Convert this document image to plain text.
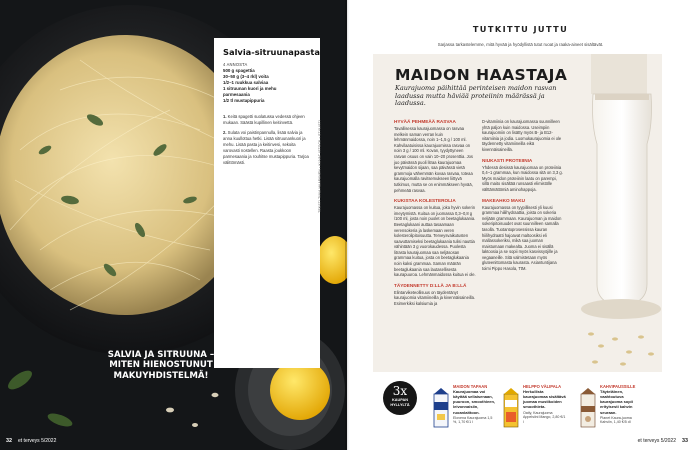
Salvia-sitruunapasta
4 ANNOSTA
500 g spagettia
30–50 g (3–4 rkl) voita
1/2–1 ruukkua salviaa
1 sitruunan kuori ja mehu
parmesaania
1/2 tl mustapippuria
1. Keitä spagetti suolatussa vedessä ohjeen mukaan. Säästä kupillinen keitinvettä.
2. Sulata voi paistinpannulla, lisää salvia ja anna kuullottua hetki. Lisää sitruunankuori ja mehu. Lisää pasta ja keitinvesi, sekoita varovasti nostellen. Raasta joukkoon parmesaania ja rouhitse mustapippuria. Tarjoa välittömästi.	TEKSTI TIINA HAAPANEN • KUVAT ISTOCK • STYLISTI
SALVIA JA SITRUUNA – MITEN HIENOSTUNUT MAKUYHDISTELMÄ!
32 et terveys 5/2022
TUTKITTU JUTTU
Sarjassa tarkastelemme, mitä hyvää ja hyödyllistä tutut ruoat ja raaka-aineet sisältävät.
MAIDON HAASTAJA
Kaurajuoma päihittää perinteisen maidon rasvan laadussa mutta häviää proteiinin määrässä ja laadussa.
HYVÄÄ PEHMEÄÄ RASVAA
Tavallisessa kaurajuomassa on rasvaa melkein saman verran kuin lehmänmaidossa, noin 1–1,5 g / 100 ml. Kahvilaatuisissa kaurajuomissa rasvaa on noin 3 g / 100 ml. Kovan, tyydyttyneen rasvan osuus on vain 10–20 prosenttia. Jos juo päivässä puoli litraa kaurajuomaa kevytmaidon sijaan, saa päivässä vietä grammoja vähemmän kovaa rasvaa, toteaa kaurajuomalla ravitsemukseen liittyvä tutkimus, mutta se on enimmäkseen hyvää, pehmeää rasvaa.
KUKISTAA KOLESTEROLIA
Kaurajuomassa on kuitua, joka hyvin sokerin imeytymistä. Kuitua on juomassa 0,3–0,8 g /100 ml, josta noin puolet on beetaglukaania. Beetaglukaani auttaa tasaamaan verensokeria ja laskemaan veren kolesterolipitoisuutta. Terveysvaikutusten saavuttamiseksi beetaglukaania tulisi nauttia vähintään 3 g vuorokaudessa. Puolesta litrasta kaurajuomaa saa neljäsosan grammaa kuitua, josta on beetaglukaania noin kaksi grammaa. Saman määrän beetaglukaania saa lautasellisesta kaurapuuroa. Lehmänmaidossa kuitua ei ole.
TÄYDENNETTY D:LLÄ JA B:LLÄ
Elintarviketeollisuus on täydentänyt kaurajuomia vitamiineilla ja kivennäisaineilla. Esimerkiksi kalsiumia ja
D-vitamiinia on kaurajuomassa suunnilleen yhtä paljon kuin maidossa. Useimpiin kaurajuomiin on lisätty myös B- ja B12-vitamiinia ja jodia. Luomukaurajuomia ei ole täydennetty vitamiineilla eikä kivennäisaineilla.
NIUKASTI PROTEIINIA
Yhdessä desissä kaurajuomaa on proteiinia 0,4–1 grammaa, kun maidossa sitä on 3,3 g. Myös maidon proteiinin laatu on parempi, sillä maito sisältää runsaasti elimistölle välttämättömiä aminohappoja.
MAKEAHKO MAKU
Kaurajuomassa on tyypillisesti yli kuusi grammaa hiilihydraattia, joista on sokeria neljään grammaan. Kaurajuoman ja maidon sokeripitoisuudet ovat suunnilleen samalla tasolla. Tuotantoprosessissa kauran hiilihydraatti hajoavat maltoosiksi eli mallassokeriksi, mikä saa juoman maistumaan makealta. Juoma ei sisällä laktoosia ja se sopii myös kasvissyöjille ja vegaaneille. Sitä valmistetaan myös gluteenittomasta kaurasta. Asiantuntijana toimi Pippo Hasola, TtM.
3x
KAUPAN
HYLLYLTÄ
MAIDON TAPAAN
Kaurajuomaa voi käyttää sellaisenaan, puuroon, smoothieen, leivonnaisiin, ruoanlaittoon.
Elovena Kaurajuoma 1,5 %, 1,70 €/1 l
HELPPO VÄLIPALA
Herkullista kaurajuomaa sisältävä juomaa mustikoiden smoothieta.
Oatly, Kaurajuoma Appelsiini Mango, 2,80 €/1 l
KAHVIPAUSSILLE
Täyteläinen, vaahtoutuva kaurajuoma sopii erityisesti kahvin seuraan.
Planet Kaura-juoma Kahviin, 1,40 €/5 dl
et terveys 5/2022 33
